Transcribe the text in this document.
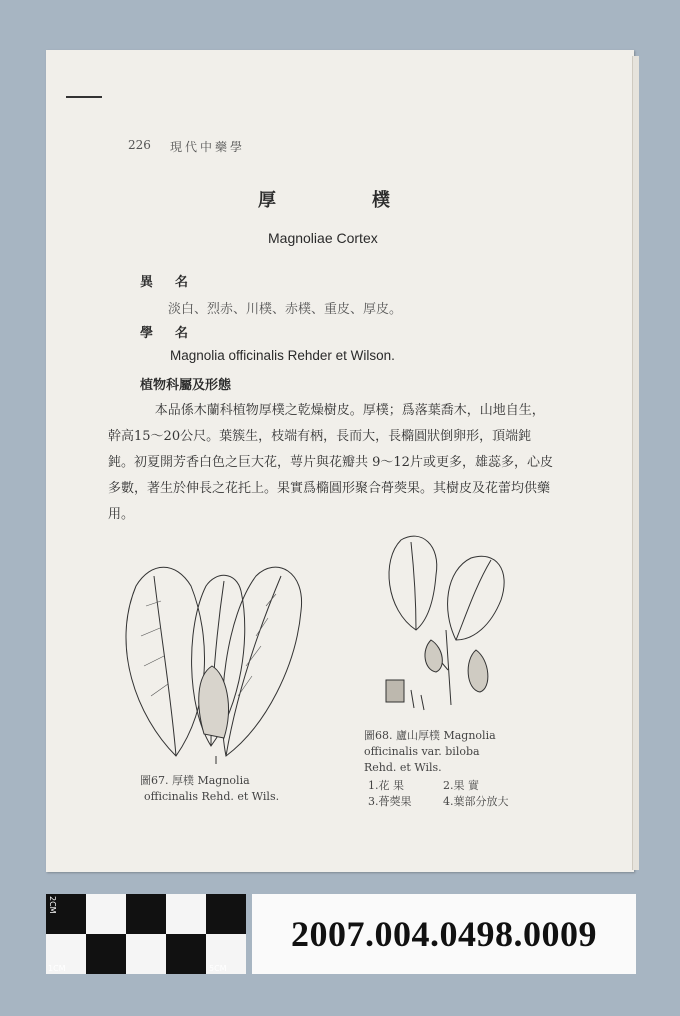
226 現代中藥學
厚樸
Magnoliae Cortex
異名
淡白、烈赤、川樸、赤樸、重皮、厚皮。
學名
Magnolia officinalis Rehder et Wilson.
植物科屬及形態
本品係木蘭科植物厚樸之乾燥樹皮。厚樸；爲落葉喬木，山地自生，幹高15～20公尺。葉簇生，枝端有柄，長而大，長橢圓狀倒卵形，頂端鈍鈍。初夏開芳香白色之巨大花，萼片與花瓣共 9～12片或更多，雄蕊多，心皮多數，著生於伸長之花托上。果實爲橢圓形聚合蓇葖果。其樹皮及花蕾均供藥用。
圖67. 厚樸 Magnolia
officinalis Rehd. et Wils.
圖68. 廬山厚樸 Magnolia
officinalis var. biloba
Rehd. et Wils.
1.花 果	2.果 實
3.蓇葖果	4.葉部分放大
2CM
1CM	5CM
2007.004.0498.0009
